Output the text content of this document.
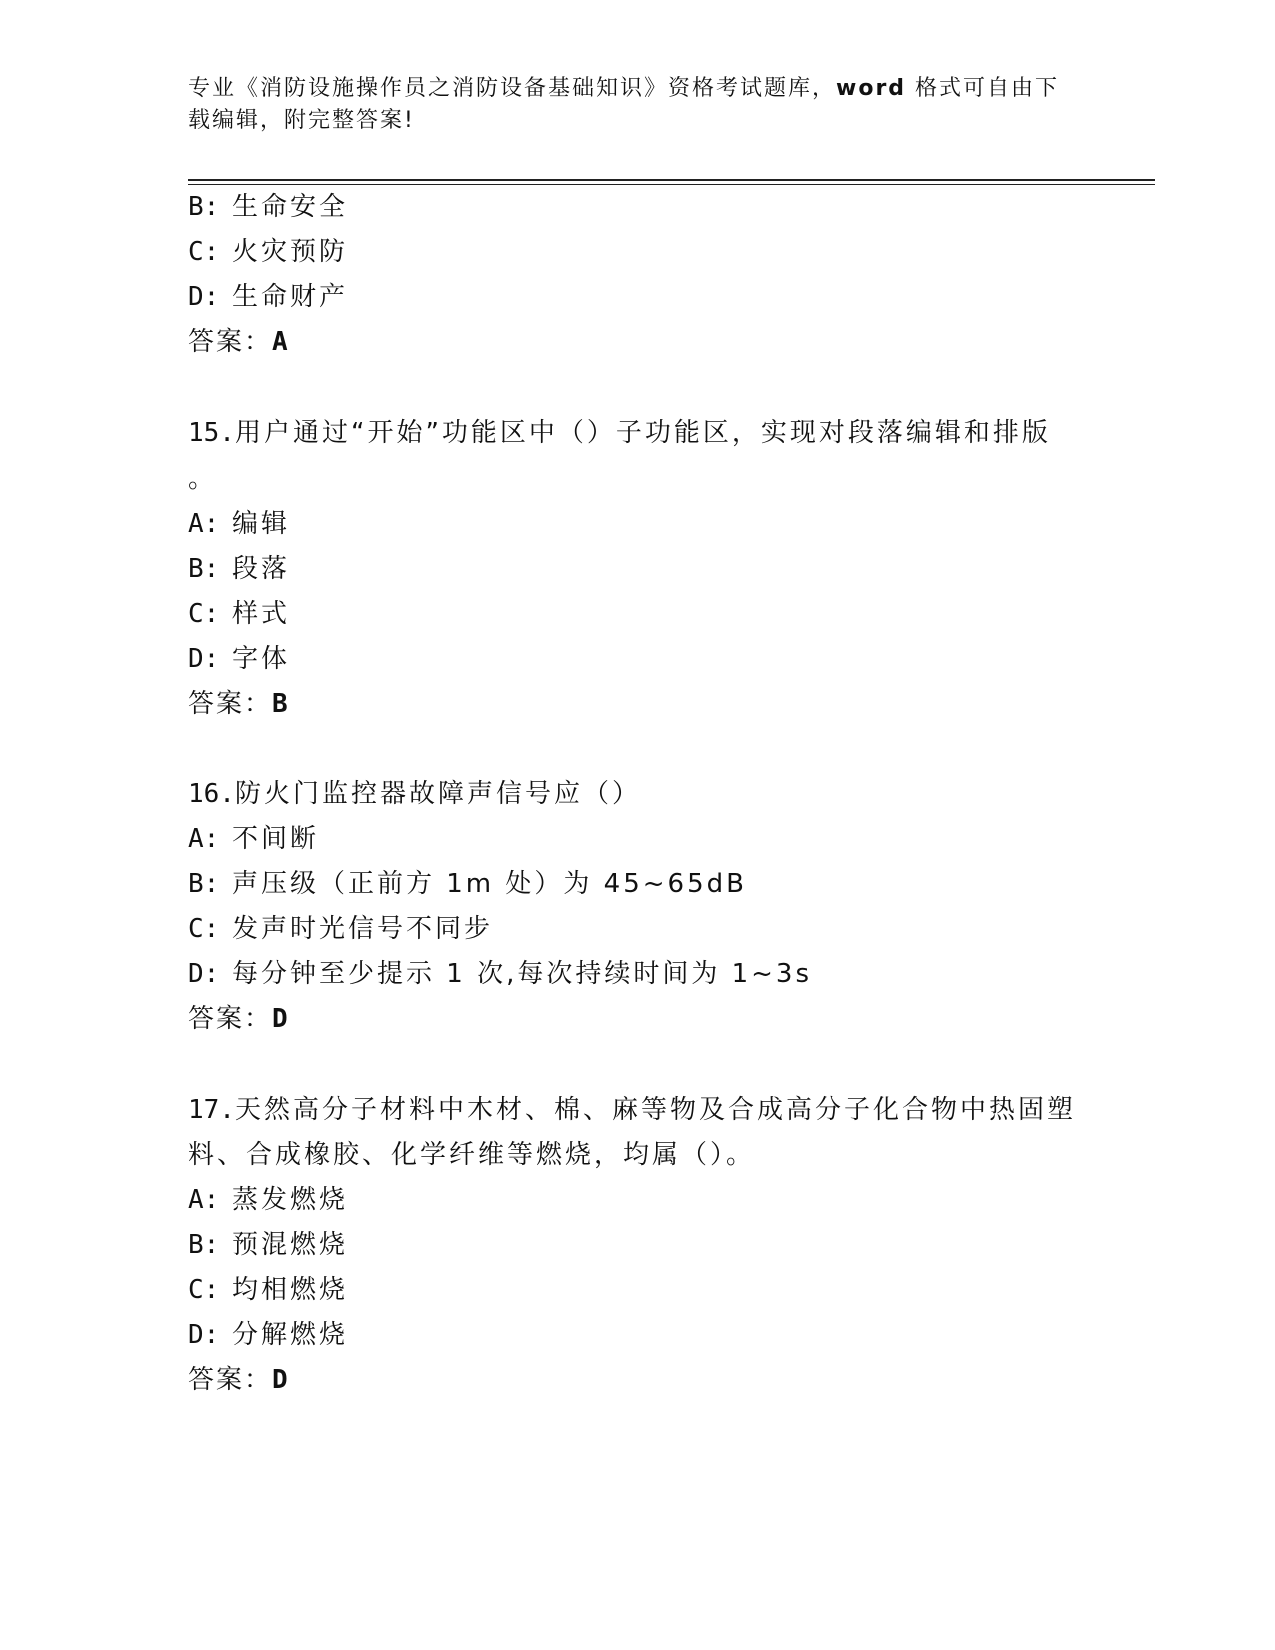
专业《消防设施操作员之消防设备基础知识》资格考试题库，word 格式可自由下
载编辑，附完整答案!
B: 生命安全
C: 火灾预防
D: 生命财产
答案：A
15.用户通过“开始”功能区中（）子功能区，实现对段落编辑和排版
。
A: 编辑
B: 段落
C: 样式
D: 字体
答案：B
16.防火门监控器故障声信号应（）
A: 不间断
B: 声压级（正前方 1m 处）为 45~65dB
C: 发声时光信号不同步
D: 每分钟至少提示 1 次,每次持续时间为 1~3s
答案：D
17.天然高分子材料中木材、棉、麻等物及合成高分子化合物中热固塑
料、合成橡胶、化学纤维等燃烧，均属（）。
A: 蒸发燃烧
B: 预混燃烧
C: 均相燃烧
D: 分解燃烧
答案：D
